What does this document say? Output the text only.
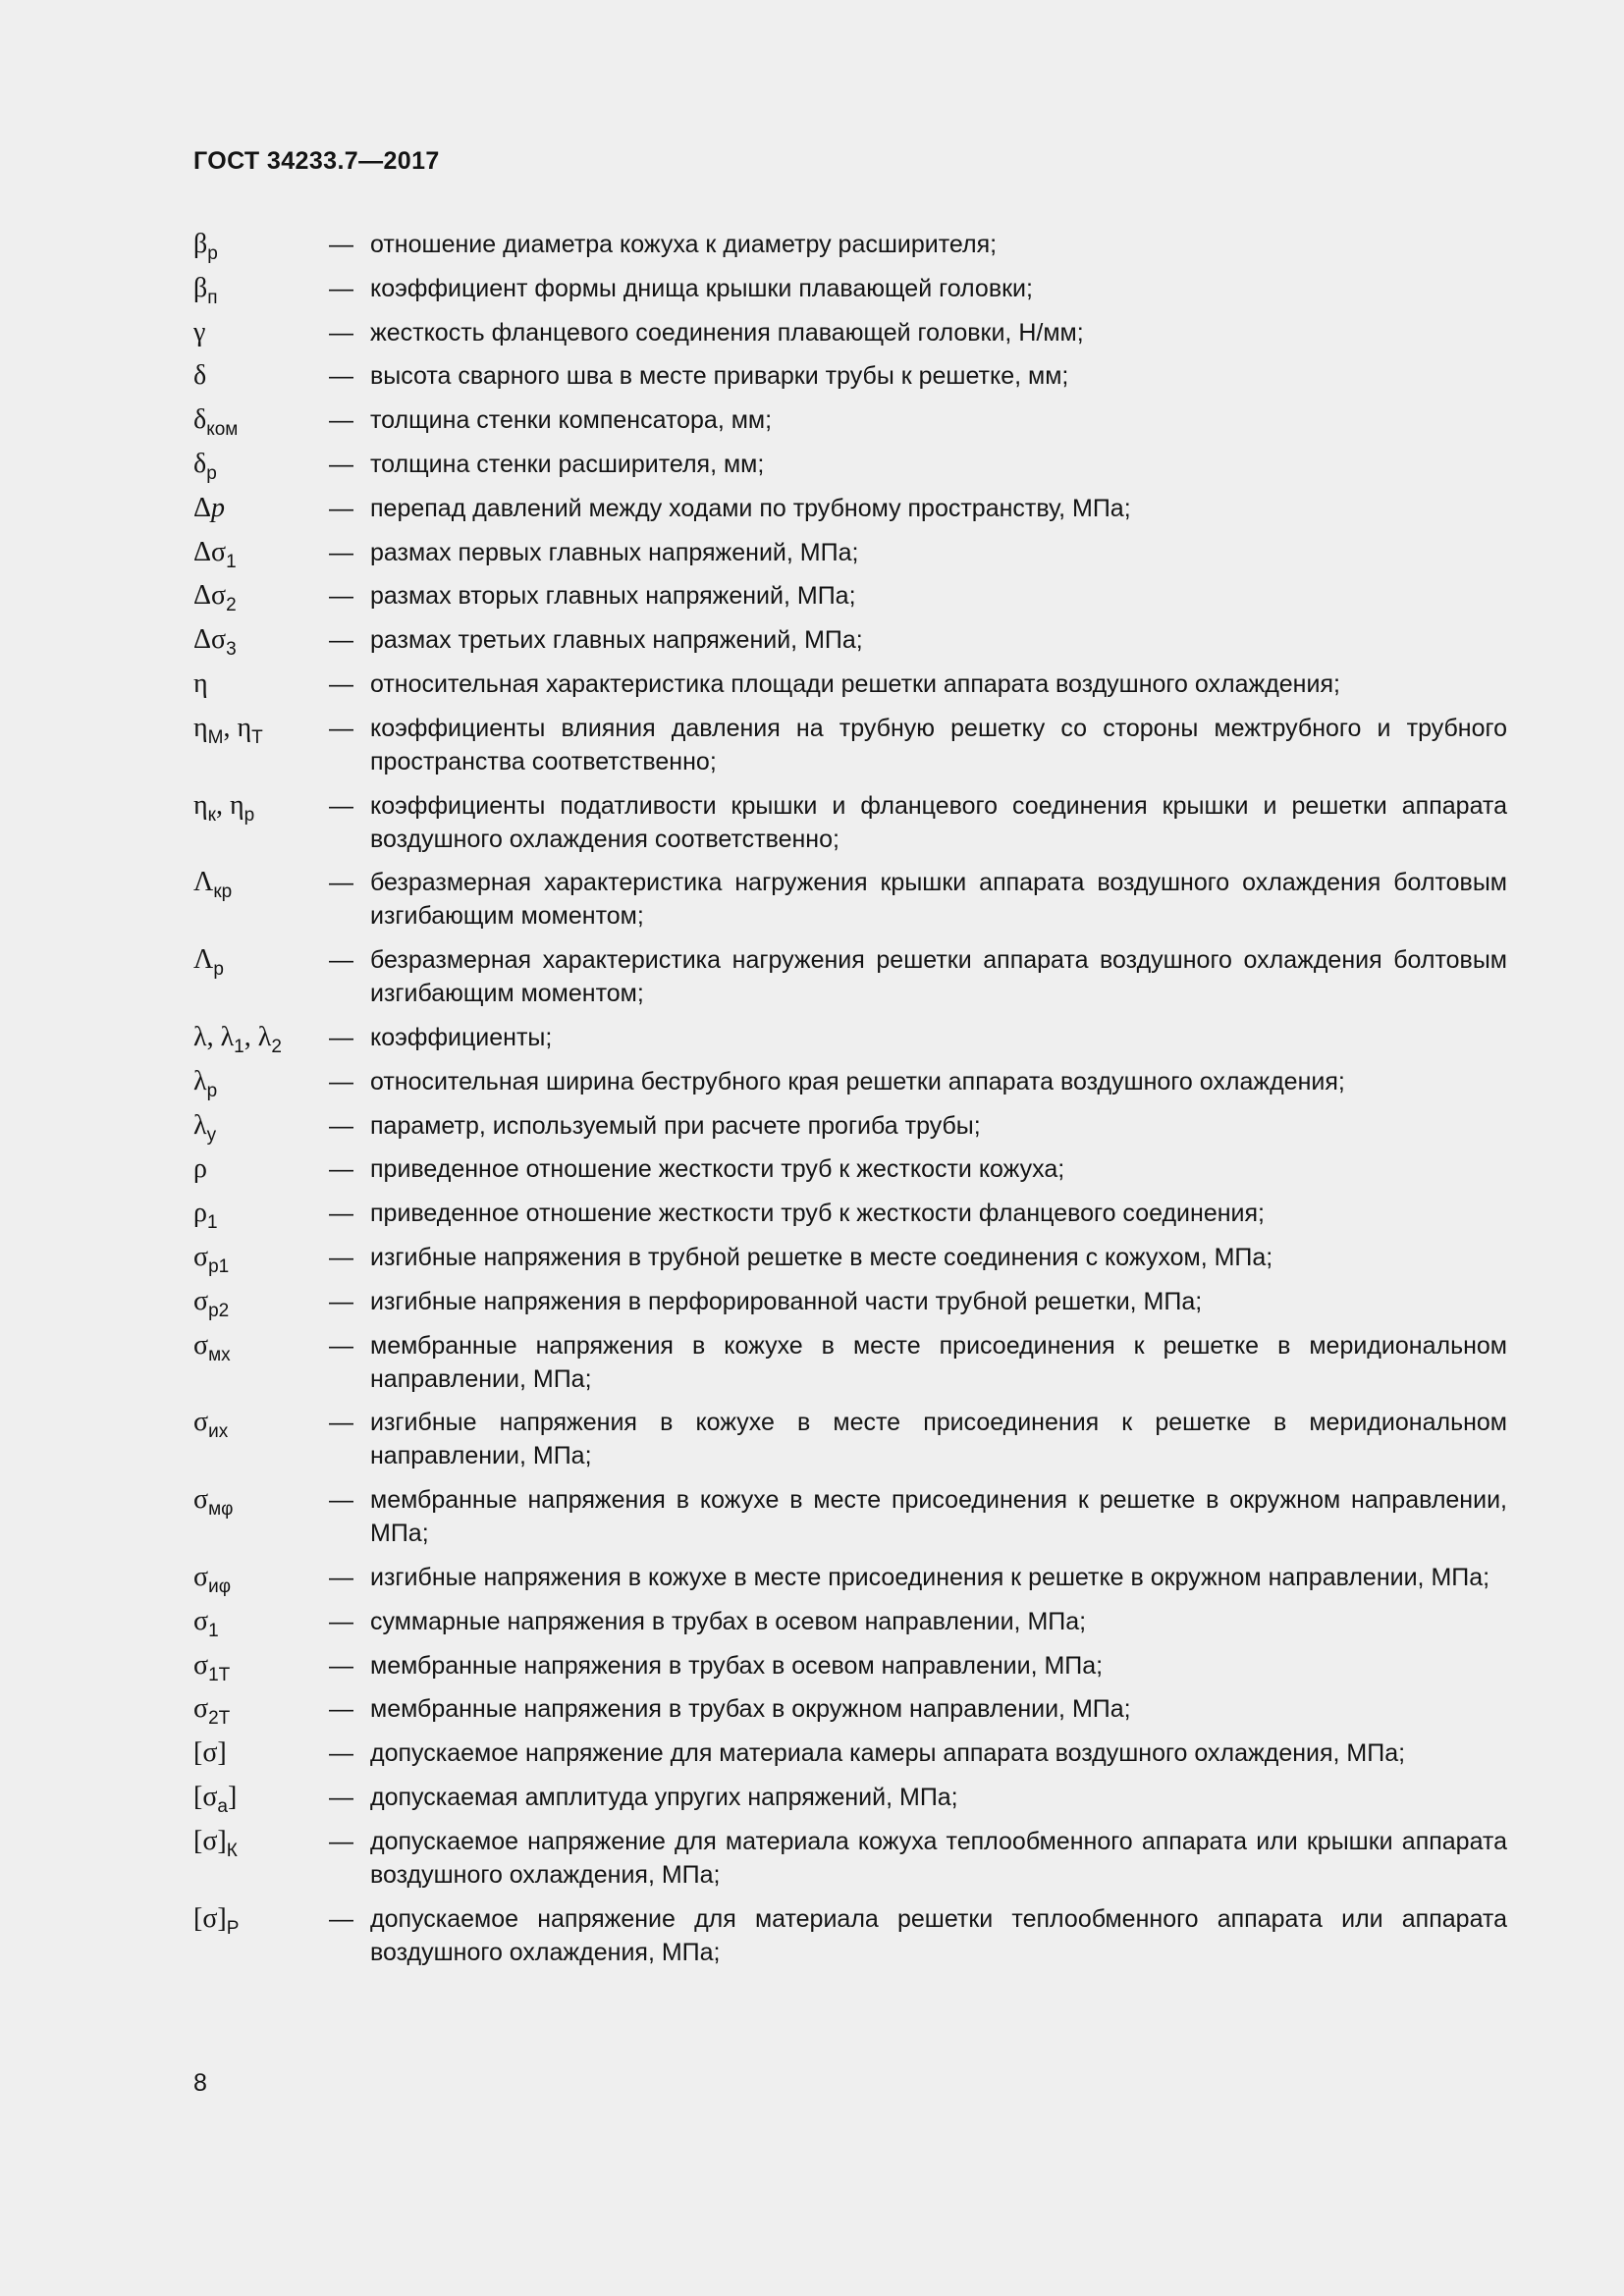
ГОСТ 34233.7—2017
$\beta_р$	— отношение диаметра кожуха к диаметру расширителя;
$\beta_п$	— коэффициент формы днища крышки плавающей головки;
γ	— жесткость фланцевого соединения плавающей головки, Н/мм;
δ	— высота сварного шва в месте приварки трубы к решетке, мм;
$\delta_{ком}$	— толщина стенки компенсатора, мм;
$\delta_р$	— толщина стенки расширителя, мм;
Δp	— перепад давлений между ходами по трубному пространству, МПа;
$\Delta\sigma_1$	— размах первых главных напряжений, МПа;
$\Delta\sigma_2$	— размах вторых главных напряжений, МПа;
$\Delta\sigma_3$	— размах третьих главных напряжений, МПа;
η	— относительная характеристика площади решетки аппарата воздушного охлаждения;
$\eta_М$, $\eta_Т$	— коэффициенты влияния давления на трубную решетку со стороны межтрубного и трубного пространства соответственно;
$\eta_к$, $\eta_р$	— коэффициенты податливости крышки и фланцевого соединения крышки и решетки аппарата воздушного охлаждения соответственно;
$\Lambda_{кр}$	— безразмерная характеристика нагружения крышки аппарата воздушного охлаждения болтовым изгибающим моментом;
$\Lambda_р$	— безразмерная характеристика нагружения решетки аппарата воздушного охлаждения болтовым изгибающим моментом;
λ, $\lambda_1$, $\lambda_2$	— коэффициенты;
$\lambda_р$	— относительная ширина беструбного края решетки аппарата воздушного охлаждения;
$\lambda_у$	— параметр, используемый при расчете прогиба трубы;
ρ	— приведенное отношение жесткости труб к жесткости кожуха;
$\rho_1$	— приведенное отношение жесткости труб к жесткости фланцевого соединения;
$\sigma_{р1}$	— изгибные напряжения в трубной решетке в месте соединения с кожухом, МПа;
$\sigma_{р2}$	— изгибные напряжения в перфорированной части трубной решетки, МПа;
$\sigma_{мх}$	— мембранные напряжения в кожухе в месте присоединения к решетке в меридиональном направлении, МПа;
$\sigma_{их}$	— изгибные напряжения в кожухе в месте присоединения к решетке в меридиональном направлении, МПа;
$\sigma_{м\varphi}$	— мембранные напряжения в кожухе в месте присоединения к решетке в окружном направлении, МПа;
$\sigma_{и\varphi}$	— изгибные напряжения в кожухе в месте присоединения к решетке в окружном направлении, МПа;
$\sigma_1$	— суммарные напряжения в трубах в осевом направлении, МПа;
$\sigma_{1Т}$	— мембранные напряжения в трубах в осевом направлении, МПа;
$\sigma_{2Т}$	— мембранные напряжения в трубах в окружном направлении, МПа;
[σ]	— допускаемое напряжение для материала камеры аппарата воздушного охлаждения, МПа;
$[\sigma_a]$	— допускаемая амплитуда упругих напряжений, МПа;
$[\sigma]_К$	— допускаемое напряжение для материала кожуха теплообменного аппарата или крышки аппарата воздушного охлаждения, МПа;
$[\sigma]_Р$	— допускаемое напряжение для материала решетки теплообменного аппарата или аппарата воздушного охлаждения, МПа;
8
